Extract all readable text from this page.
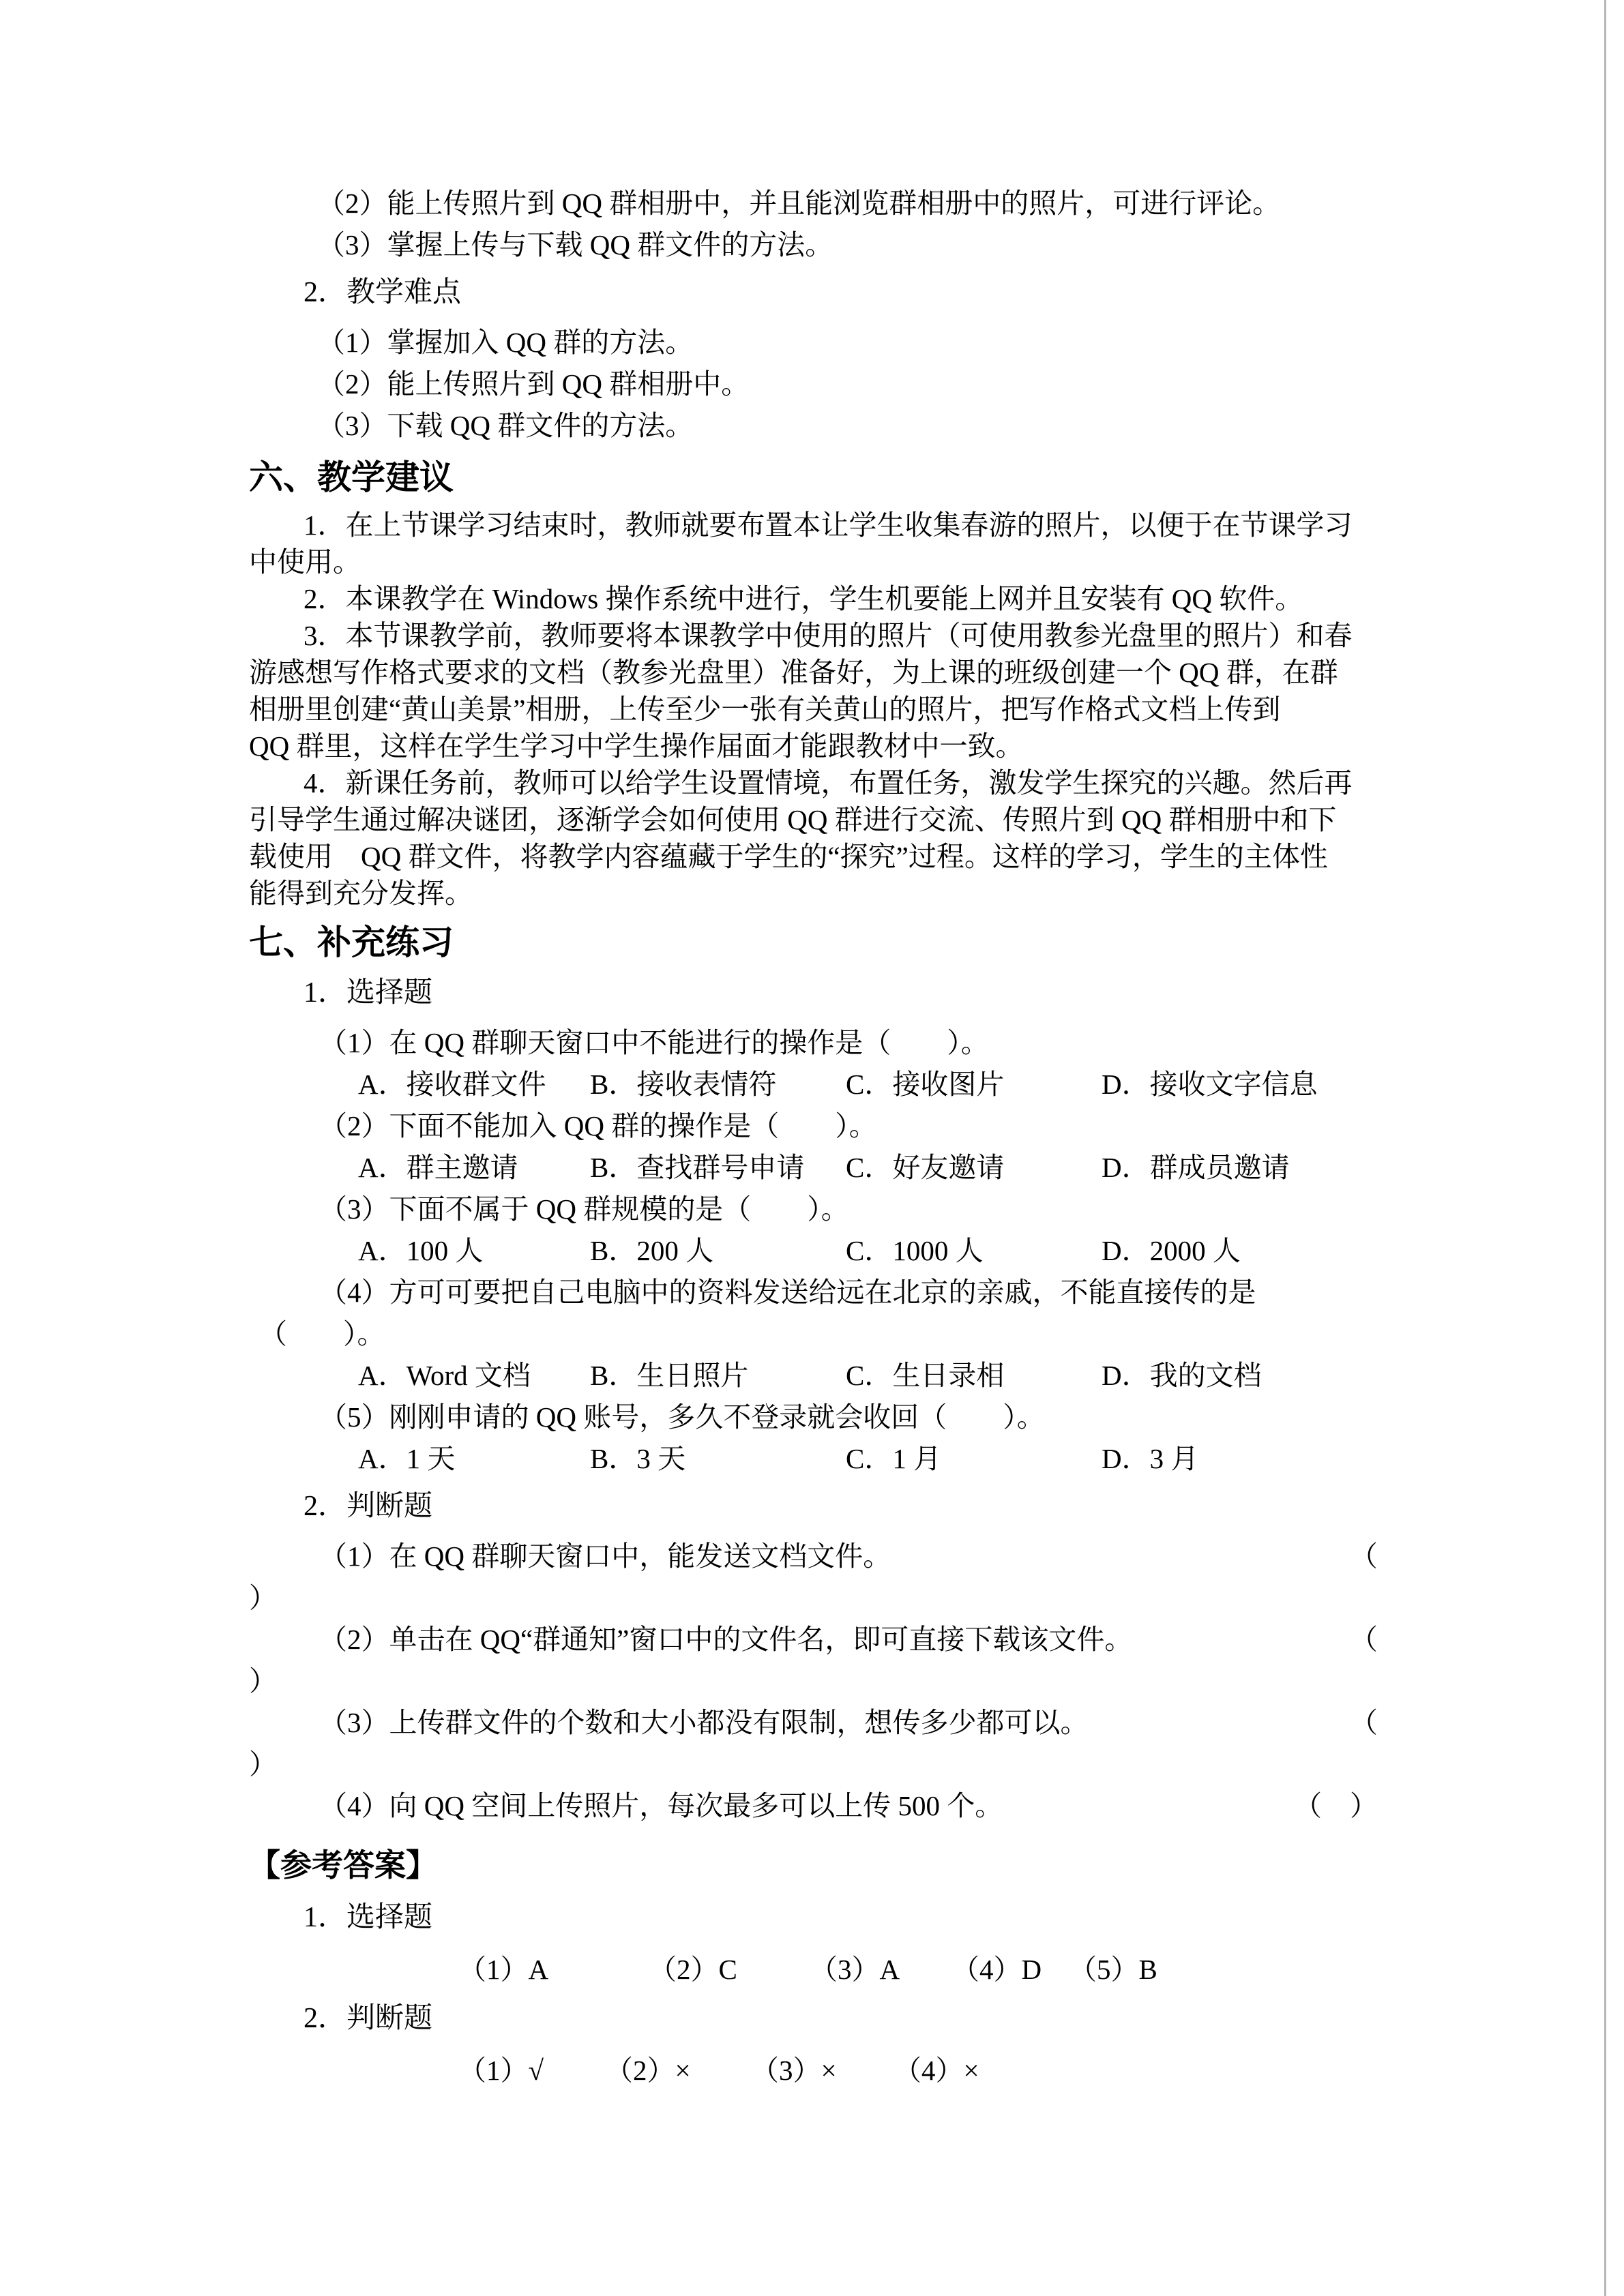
（2）能上传照片到 QQ 群相册中，并且能浏览群相册中的照片，可进行评论。
（3）掌握上传与下载 QQ 群文件的方法。
2．教学难点
（1）掌握加入 QQ 群的方法。
（2）能上传照片到 QQ 群相册中。
（3）下载 QQ 群文件的方法。
六、教学建议
1．在上节课学习结束时，教师就要布置本让学生收集春游的照片，以便于在节课学习
中使用。
2．本课教学在 Windows 操作系统中进行，学生机要能上网并且安装有 QQ 软件。
3．本节课教学前，教师要将本课教学中使用的照片（可使用教参光盘里的照片）和春
游感想写作格式要求的文档（教参光盘里）准备好，为上课的班级创建一个 QQ 群，在群
相册里创建“黄山美景”相册，上传至少一张有关黄山的照片，把写作格式文档上传到
QQ 群里，这样在学生学习中学生操作届面才能跟教材中一致。
4．新课任务前，教师可以给学生设置情境，布置任务，激发学生探究的兴趣。然后再
引导学生通过解决谜团，逐渐学会如何使用 QQ 群进行交流、传照片到 QQ 群相册中和下
载使用　QQ 群文件，将教学内容蕴藏于学生的“探究”过程。这样的学习，学生的主体性
能得到充分发挥。
七、补充练习
1．选择题
（1）在 QQ 群聊天窗口中不能进行的操作是（　　）。
A．接收群文件 B．接收表情符 C．接收图片	D．接收文字信息
（2）下面不能加入 QQ 群的操作是（　　）。
A．群主邀请	B．查找群号申请 C．好友邀请	D．群成员邀请
（3）下面不属于 QQ 群规模的是（　　）。
A．100 人	B．200 人	C．1000 人	D．2000 人
（4）方可可要把自己电脑中的资料发送给远在北京的亲戚，不能直接传的是
（　　）。
A．Word 文档 B．生日照片	C．生日录相	D．我的文档
（5）刚刚申请的 QQ 账号，多久不登录就会收回（　　）。
A．1 天	B．3 天	C．1 月	D．3 月
2．判断题
（1）在 QQ 群聊天窗口中，能发送文档文件。	（
）
（2）单击在 QQ“群通知”窗口中的文件名，即可直接下载该文件。	（
）
（3）上传群文件的个数和大小都没有限制，想传多少都可以。	（
）
（4）向 QQ 空间上传照片，每次最多可以上传 500 个。	（　）
【参考答案】
1．选择题
（1）A	（2）C	（3）A （4）D （5）B
2．判断题
（1）√ （2）× （3）× （4）×
